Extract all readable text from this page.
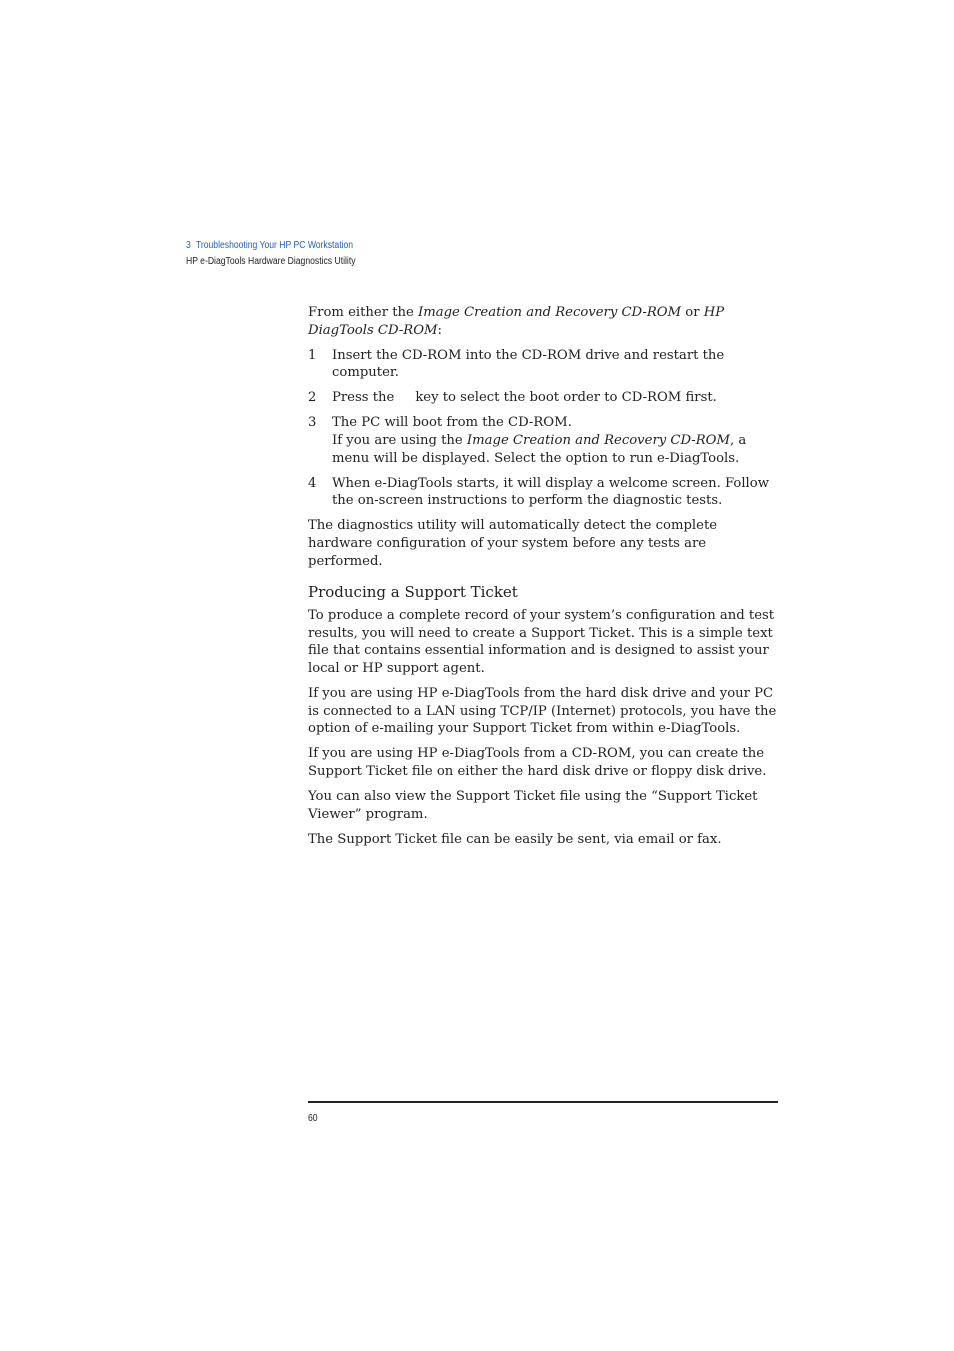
3 Troubleshooting Your HP PC Workstation
HP e-DiagTools Hardware Diagnostics Utility

From either the Image Creation and Recovery CD-ROM or HP DiagTools CD-ROM:

1 Insert the CD-ROM into the CD-ROM drive and restart the computer.
2 Press the key to select the boot order to CD-ROM first.
3 The PC will boot from the CD-ROM.
If you are using the Image Creation and Recovery CD-ROM, a menu will be displayed. Select the option to run e-DiagTools.
4 When e-DiagTools starts, it will display a welcome screen. Follow the on-screen instructions to perform the diagnostic tests.

The diagnostics utility will automatically detect the complete hardware configuration of your system before any tests are performed.

Producing a Support Ticket

To produce a complete record of your system’s configuration and test results, you will need to create a Support Ticket. This is a simple text file that contains essential information and is designed to assist your local or HP support agent.

If you are using HP e-DiagTools from the hard disk drive and your PC is connected to a LAN using TCP/IP (Internet) protocols, you have the option of e-mailing your Support Ticket from within e-DiagTools.

If you are using HP e-DiagTools from a CD-ROM, you can create the Support Ticket file on either the hard disk drive or floppy disk drive.

You can also view the Support Ticket file using the “Support Ticket Viewer” program.

The Support Ticket file can be easily be sent, via email or fax.

60
